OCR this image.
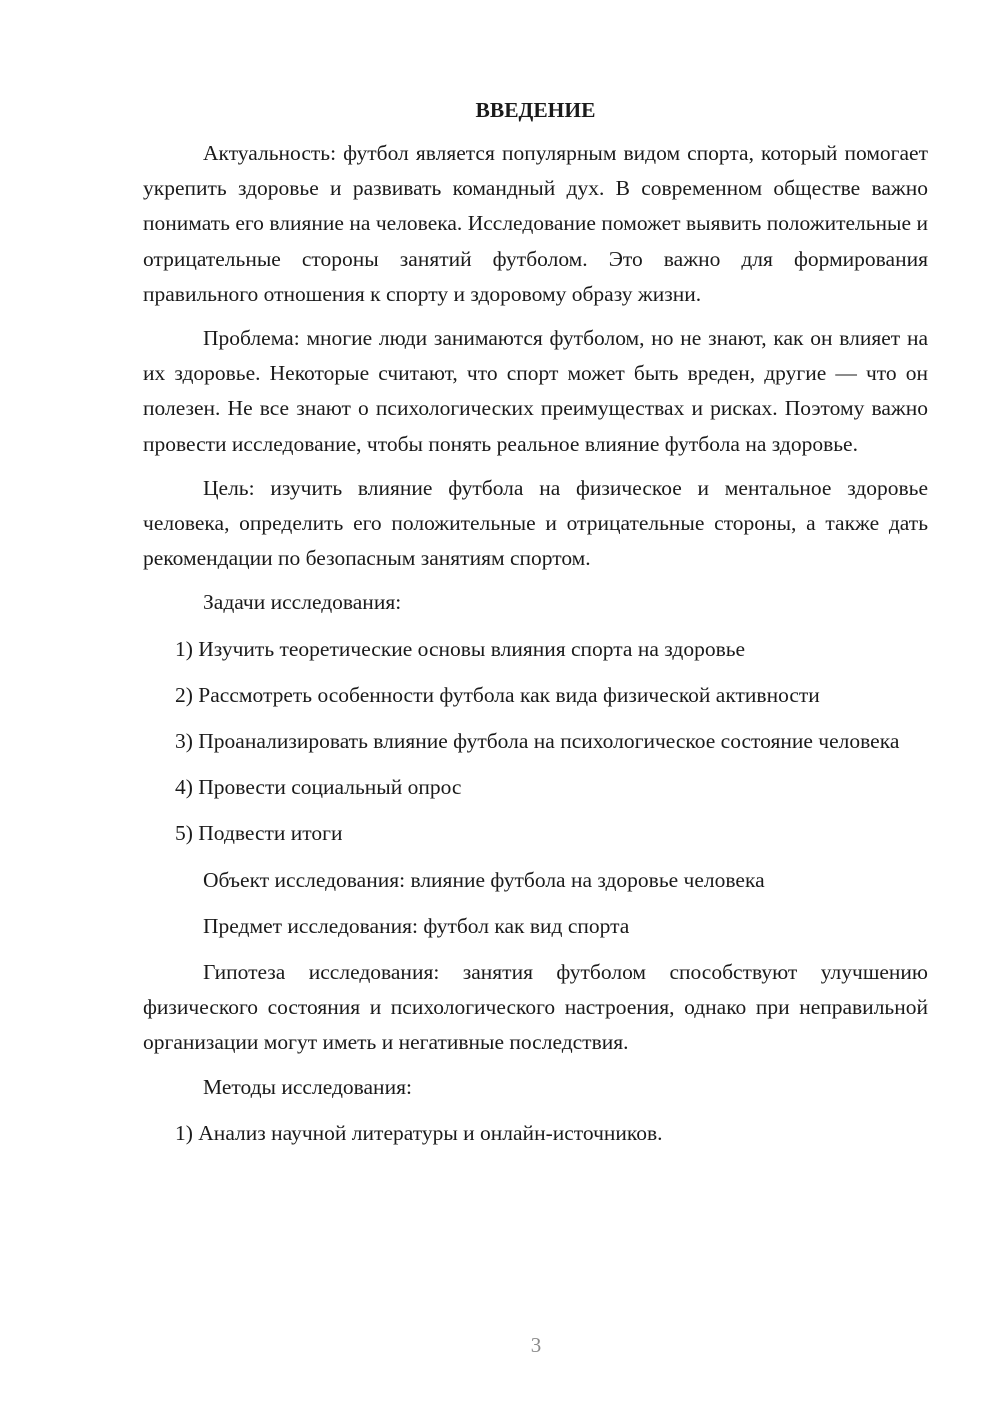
ВВЕДЕНИЕ

Актуальность: футбол является популярным видом спорта, который помогает укрепить здоровье и развивать командный дух. В современном обществе важно понимать его влияние на человека. Исследование поможет выявить положительные и отрицательные стороны занятий футболом. Это важно для формирования правильного отношения к спорту и здоровому образу жизни.

Проблема: многие люди занимаются футболом, но не знают, как он влияет на их здоровье. Некоторые считают, что спорт может быть вреден, другие — что он полезен. Не все знают о психологических преимуществах и рисках. Поэтому важно провести исследование, чтобы понять реальное влияние футбола на здоровье.

Цель: изучить влияние футбола на физическое и ментальное здоровье человека, определить его положительные и отрицательные стороны, а также дать рекомендации по безопасным занятиям спортом.

Задачи исследования:

1) Изучить теоретические основы влияния спорта на здоровье

2) Рассмотреть особенности футбола как вида физической активности

3) Проанализировать влияние футбола на психологическое состояние человека

4) Провести социальный опрос

5) Подвести итоги

Объект исследования: влияние футбола на здоровье человека

Предмет исследования: футбол как вид спорта

Гипотеза исследования: занятия футболом способствуют улучшению физического состояния и психологического настроения, однако при неправильной организации могут иметь и негативные последствия.

Методы исследования:

1) Анализ научной литературы и онлайн-источников.

3
